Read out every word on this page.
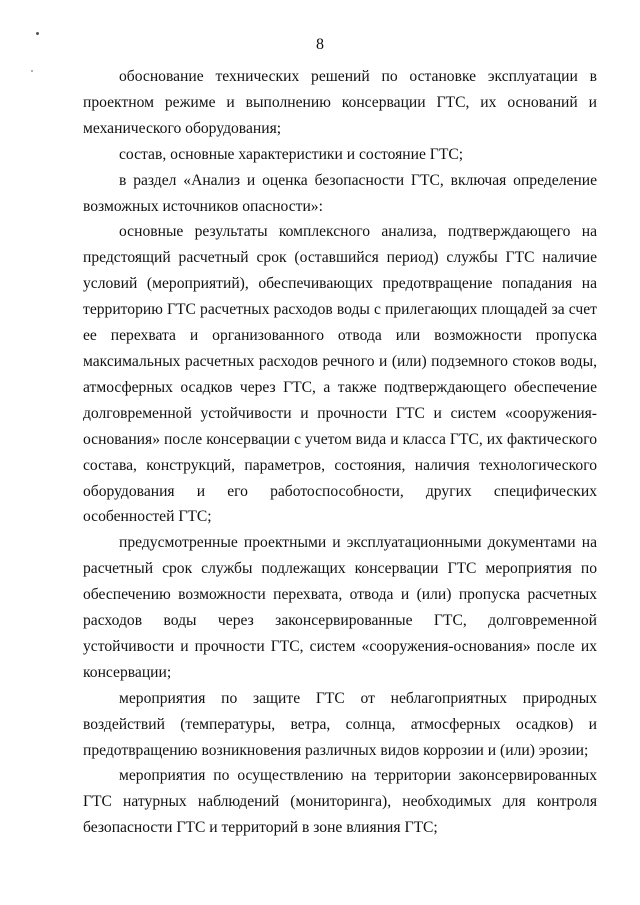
8

обоснование технических решений по остановке эксплуатации в проектном режиме и выполнению консервации ГТС, их оснований и механического оборудования;

состав, основные характеристики и состояние ГТС;

в раздел «Анализ и оценка безопасности ГТС, включая определение возможных источников опасности»:

основные результаты комплексного анализа, подтверждающего на предстоящий расчетный срок (оставшийся период) службы ГТС наличие условий (мероприятий), обеспечивающих предотвращение попадания на территорию ГТС расчетных расходов воды с прилегающих площадей за счет ее перехвата и организованного отвода или возможности пропуска максимальных расчетных расходов речного и (или) подземного стоков воды, атмосферных осадков через ГТС, а также подтверждающего обеспечение долговременной устойчивости и прочности ГТС и систем «сооружения-основания» после консервации с учетом вида и класса ГТС, их фактического состава, конструкций, параметров, состояния, наличия технологического оборудования и его работоспособности, других специфических особенностей ГТС;

предусмотренные проектными и эксплуатационными документами на расчетный срок службы подлежащих консервации ГТС мероприятия по обеспечению возможности перехвата, отвода и (или) пропуска расчетных расходов воды через законсервированные ГТС, долговременной устойчивости и прочности ГТС, систем «сооружения-основания» после их консервации;

мероприятия по защите ГТС от неблагоприятных природных воздействий (температуры, ветра, солнца, атмосферных осадков) и предотвращению возникновения различных видов коррозии и (или) эрозии;

мероприятия по осуществлению на территории законсервированных ГТС натурных наблюдений (мониторинга), необходимых для контроля безопасности ГТС и территорий в зоне влияния ГТС;
